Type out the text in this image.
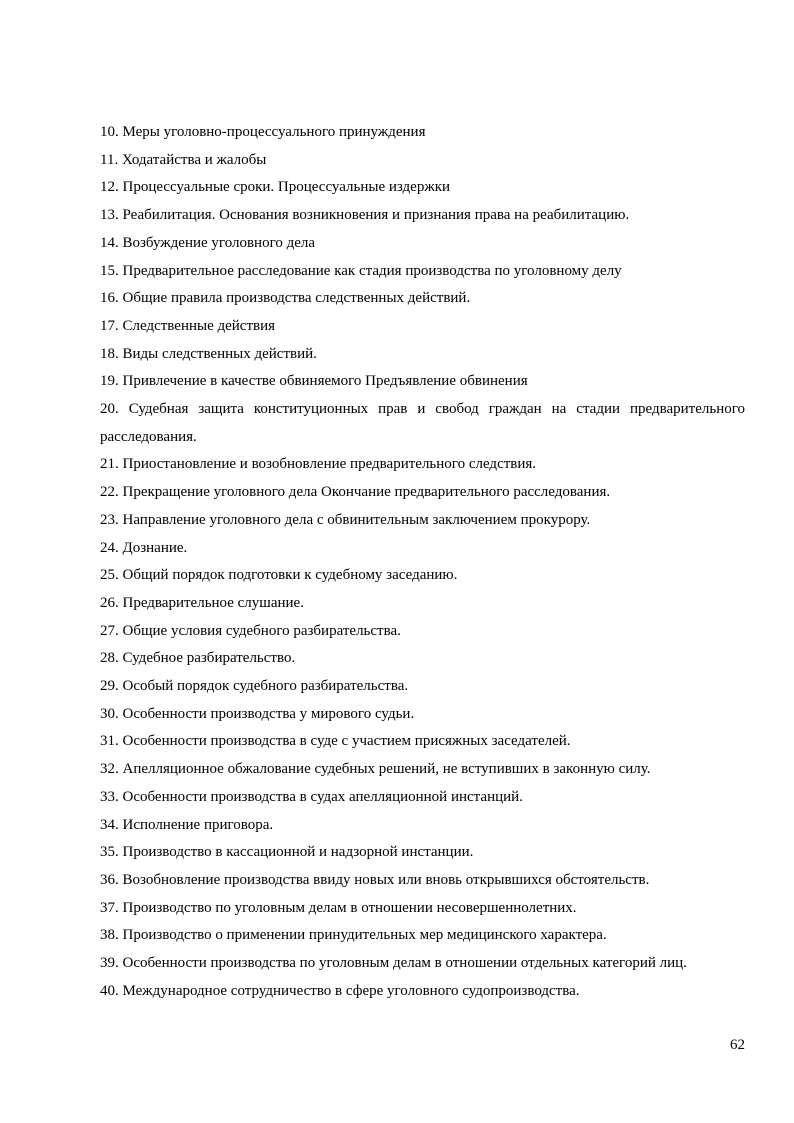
10. Меры уголовно-процессуального принуждения

11. Ходатайства и жалобы

12. Процессуальные сроки. Процессуальные издержки

13. Реабилитация. Основания возникновения и признания права на реабилитацию.

14. Возбуждение уголовного дела

15. Предварительное расследование как стадия производства по уголовному делу

16. Общие правила производства следственных действий.

17. Следственные действия

18. Виды следственных действий.

19. Привлечение в качестве обвиняемого Предъявление обвинения

20. Судебная защита конституционных прав и свобод граждан на стадии предварительного расследования.

21. Приостановление и возобновление предварительного следствия.

22. Прекращение уголовного дела Окончание предварительного расследования.

23. Направление уголовного дела с обвинительным заключением прокурору.

24. Дознание.

25. Общий порядок подготовки к судебному заседанию.

26. Предварительное слушание.

27. Общие условия судебного разбирательства.

28. Судебное разбирательство.

29. Особый порядок судебного разбирательства.

30. Особенности производства у мирового судьи.

31. Особенности производства в суде с участием присяжных заседателей.

32. Апелляционное обжалование судебных решений, не вступивших в законную силу.

33. Особенности производства в судах апелляционной инстанций.

34. Исполнение приговора.

35. Производство в кассационной и надзорной инстанции.

36. Возобновление производства ввиду новых или вновь открывшихся обстоятельств.

37. Производство по уголовным делам в отношении несовершеннолетних.

38. Производство о применении принудительных мер медицинского характера.

39. Особенности производства по уголовным делам в отношении отдельных категорий лиц.

40. Международное сотрудничество в сфере уголовного судопроизводства.

62
